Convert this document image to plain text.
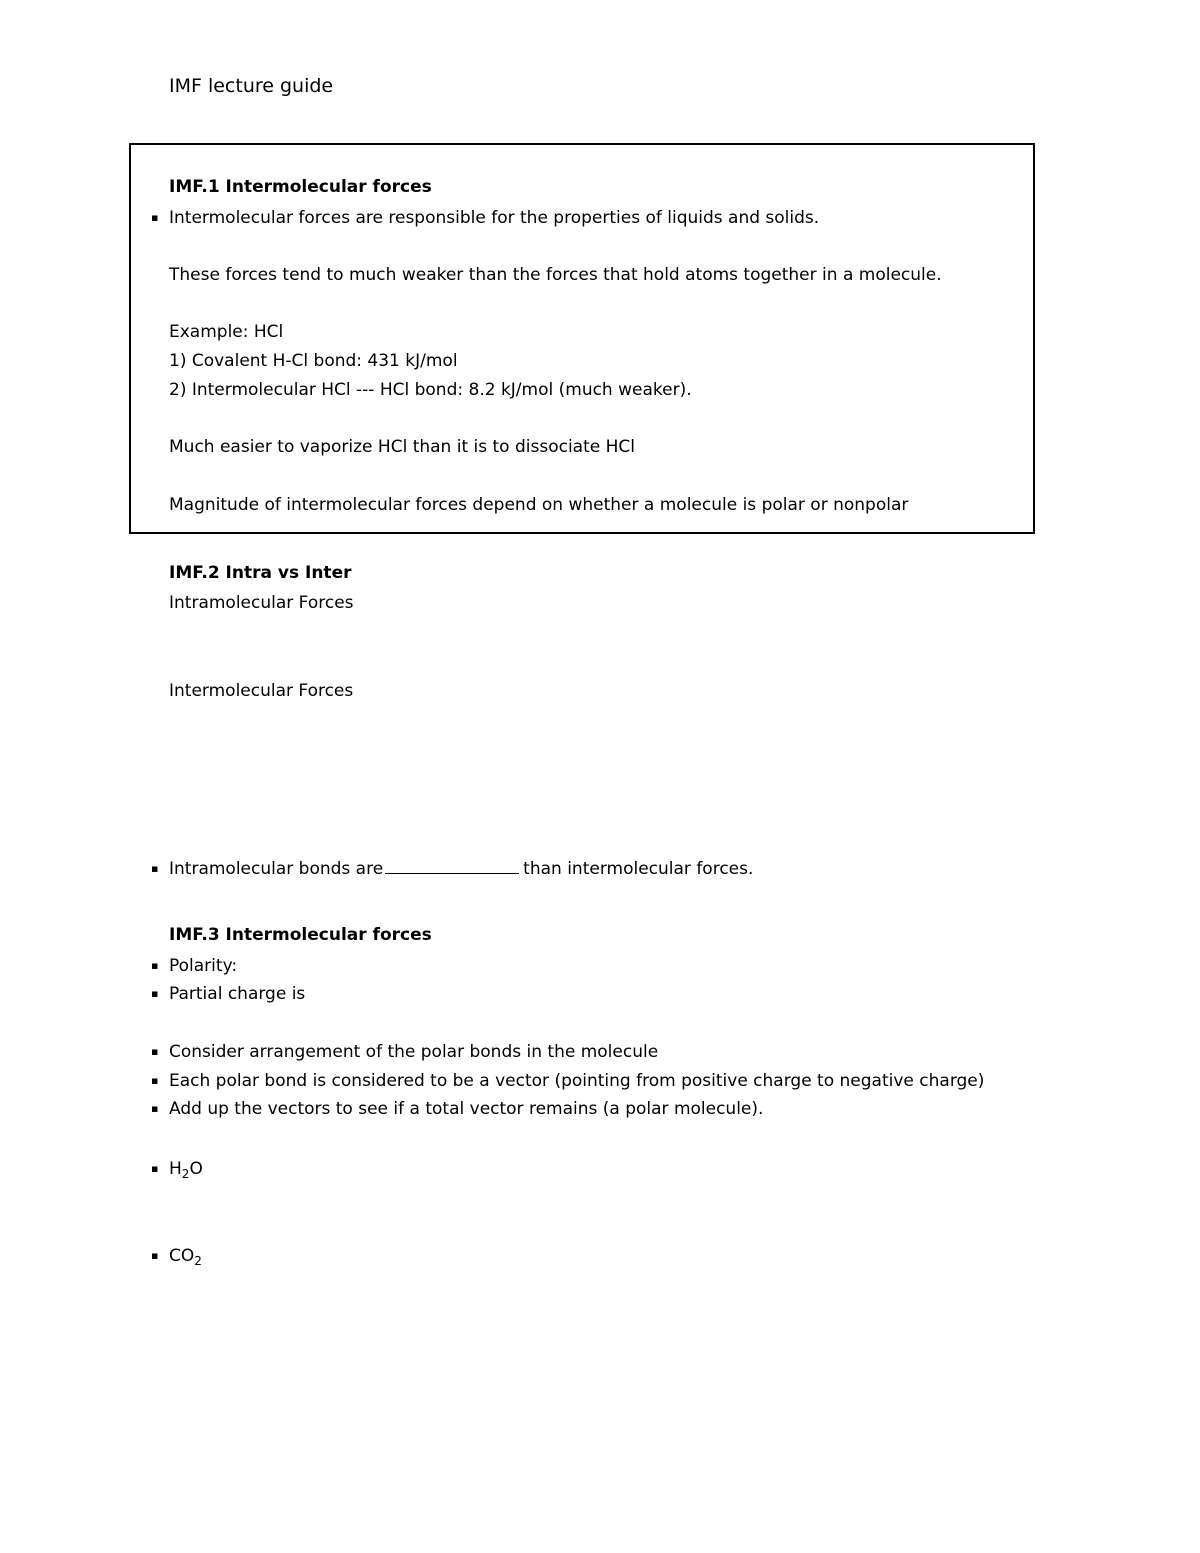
IMF lecture guide
IMF.1 Intermolecular forces
▪ Intermolecular forces are responsible for the properties of liquids and solids.
These forces tend to much weaker than the forces that hold atoms together in a molecule.
Example: HCl
1) Covalent H-Cl bond: 431 kJ/mol
2) Intermolecular HCl --- HCl bond: 8.2 kJ/mol (much weaker).
Much easier to vaporize HCl than it is to dissociate HCl
Magnitude of intermolecular forces depend on whether a molecule is polar or nonpolar
IMF.2 Intra vs Inter
Intramolecular Forces
Intermolecular Forces
▪ Intramolecular bonds are	than intermolecular forces.
IMF.3 Intermolecular forces
▪ Polarity:
▪ Partial charge is
▪ Consider arrangement of the polar bonds in the molecule
▪ Each polar bond is considered to be a vector (pointing from positive charge to negative charge)
▪ Add up the vectors to see if a total vector remains (a polar molecule).
▪ $H_2O$
▪ $CO_2$
